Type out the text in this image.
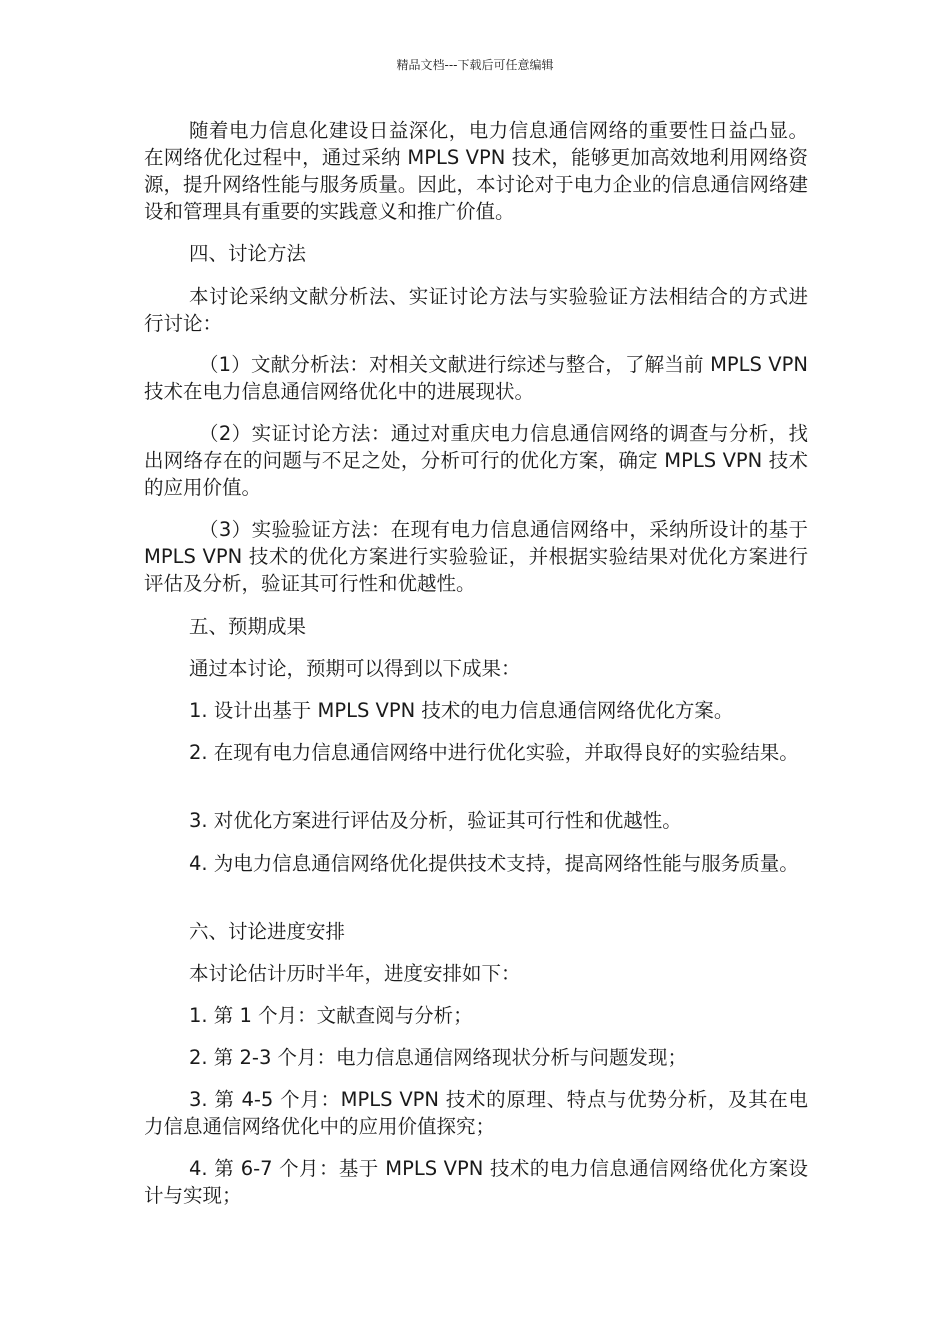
精品文档---下载后可任意编辑

随着电力信息化建设日益深化，电力信息通信网络的重要性日益凸显。在网络优化过程中，通过采纳 MPLS VPN 技术，能够更加高效地利用网络资源，提升网络性能与服务质量。因此，本讨论对于电力企业的信息通信网络建设和管理具有重要的实践意义和推广价值。

四、讨论方法

本讨论采纳文献分析法、实证讨论方法与实验验证方法相结合的方式进行讨论：

（1）文献分析法：对相关文献进行综述与整合，了解当前 MPLS VPN 技术在电力信息通信网络优化中的进展现状。

（2）实证讨论方法：通过对重庆电力信息通信网络的调查与分析，找出网络存在的问题与不足之处，分析可行的优化方案，确定 MPLS VPN 技术的应用价值。

（3）实验验证方法：在现有电力信息通信网络中，采纳所设计的基于 MPLS VPN 技术的优化方案进行实验验证，并根据实验结果对优化方案进行评估及分析，验证其可行性和优越性。

五、预期成果

通过本讨论，预期可以得到以下成果：

1. 设计出基于 MPLS VPN 技术的电力信息通信网络优化方案。

2. 在现有电力信息通信网络中进行优化实验，并取得良好的实验结果。

3. 对优化方案进行评估及分析，验证其可行性和优越性。

4. 为电力信息通信网络优化提供技术支持，提高网络性能与服务质量。

六、讨论进度安排

本讨论估计历时半年，进度安排如下：

1. 第 1 个月：文献查阅与分析；

2. 第 2-3 个月：电力信息通信网络现状分析与问题发现；

3. 第 4-5 个月：MPLS VPN 技术的原理、特点与优势分析，及其在电力信息通信网络优化中的应用价值探究；

4. 第 6-7 个月：基于 MPLS VPN 技术的电力信息通信网络优化方案设计与实现；
